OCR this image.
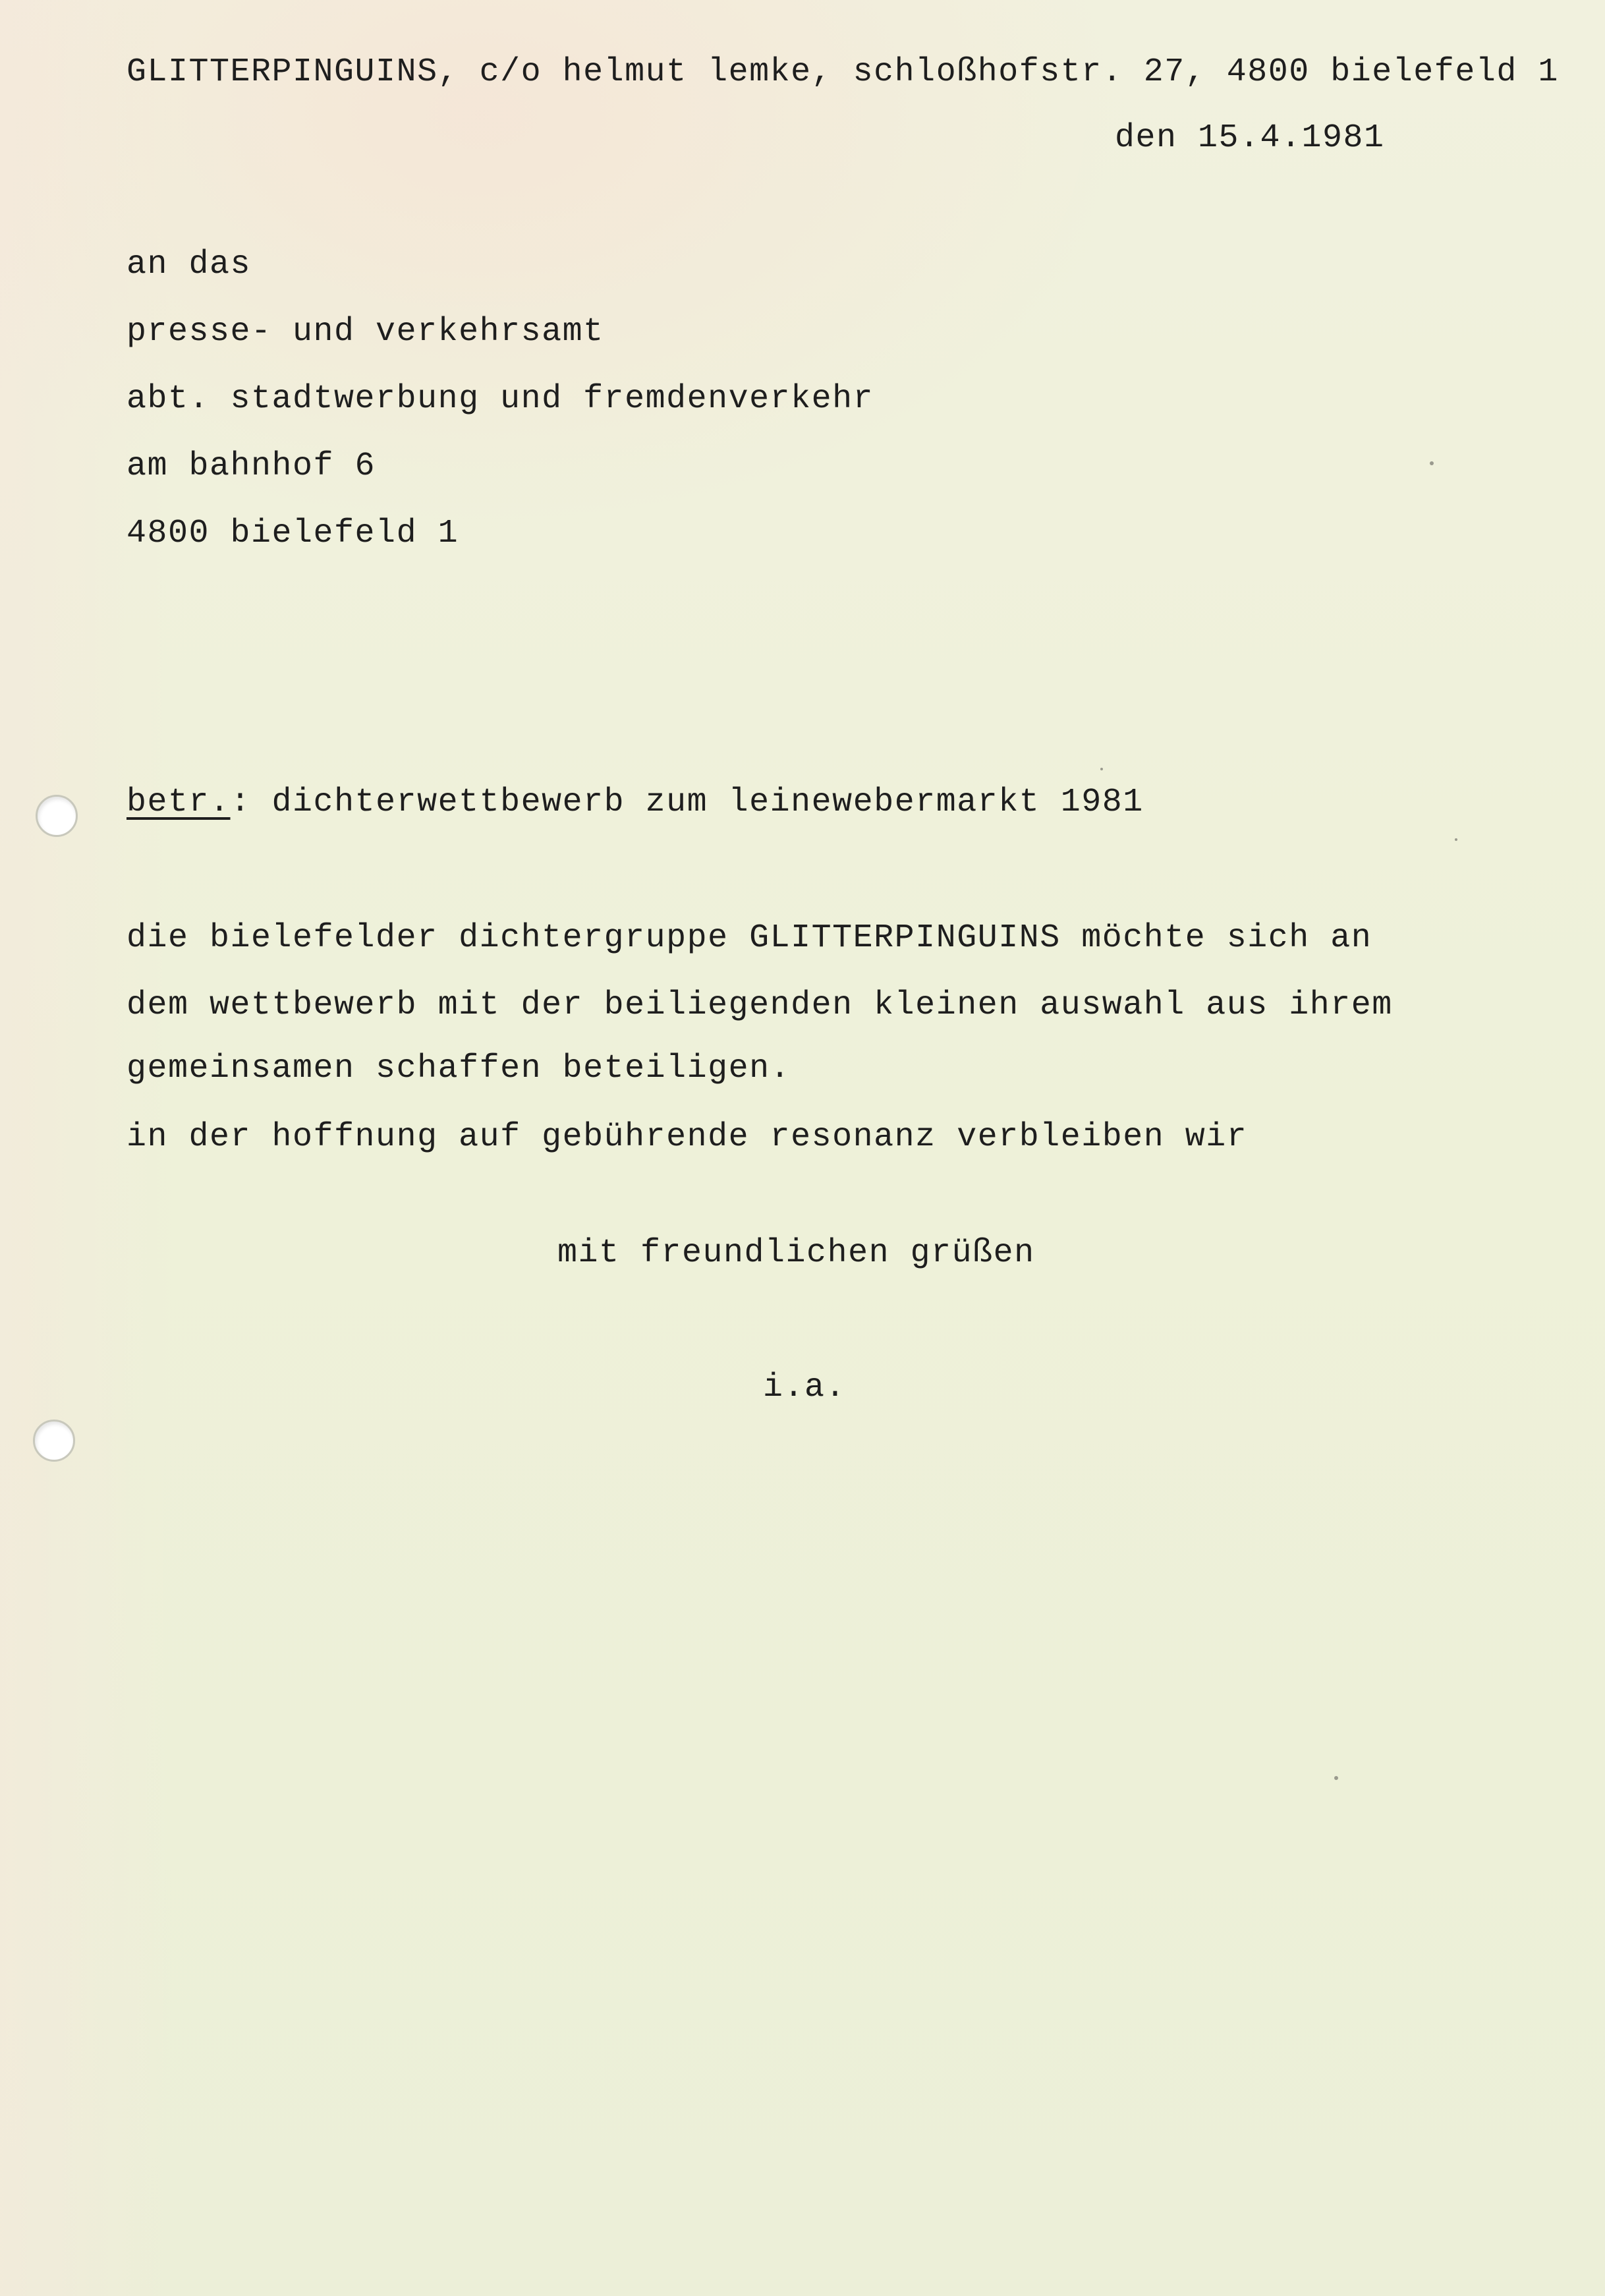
GLITTERPINGUINS, c/o helmut lemke, schloßhofstr. 27, 4800 bielefeld 1
den 15.4.1981
an das
presse- und verkehrsamt
abt. stadtwerbung und fremdenverkehr
am bahnhof 6
4800 bielefeld 1
betr.: dichterwettbewerb zum leinewebermarkt 1981
die bielefelder dichtergruppe GLITTERPINGUINS möchte sich an
dem wettbewerb mit der beiliegenden kleinen auswahl aus ihrem
gemeinsamen schaffen beteiligen.
in der hoffnung auf gebührende resonanz verbleiben wir
mit freundlichen grüßen
i.a.
